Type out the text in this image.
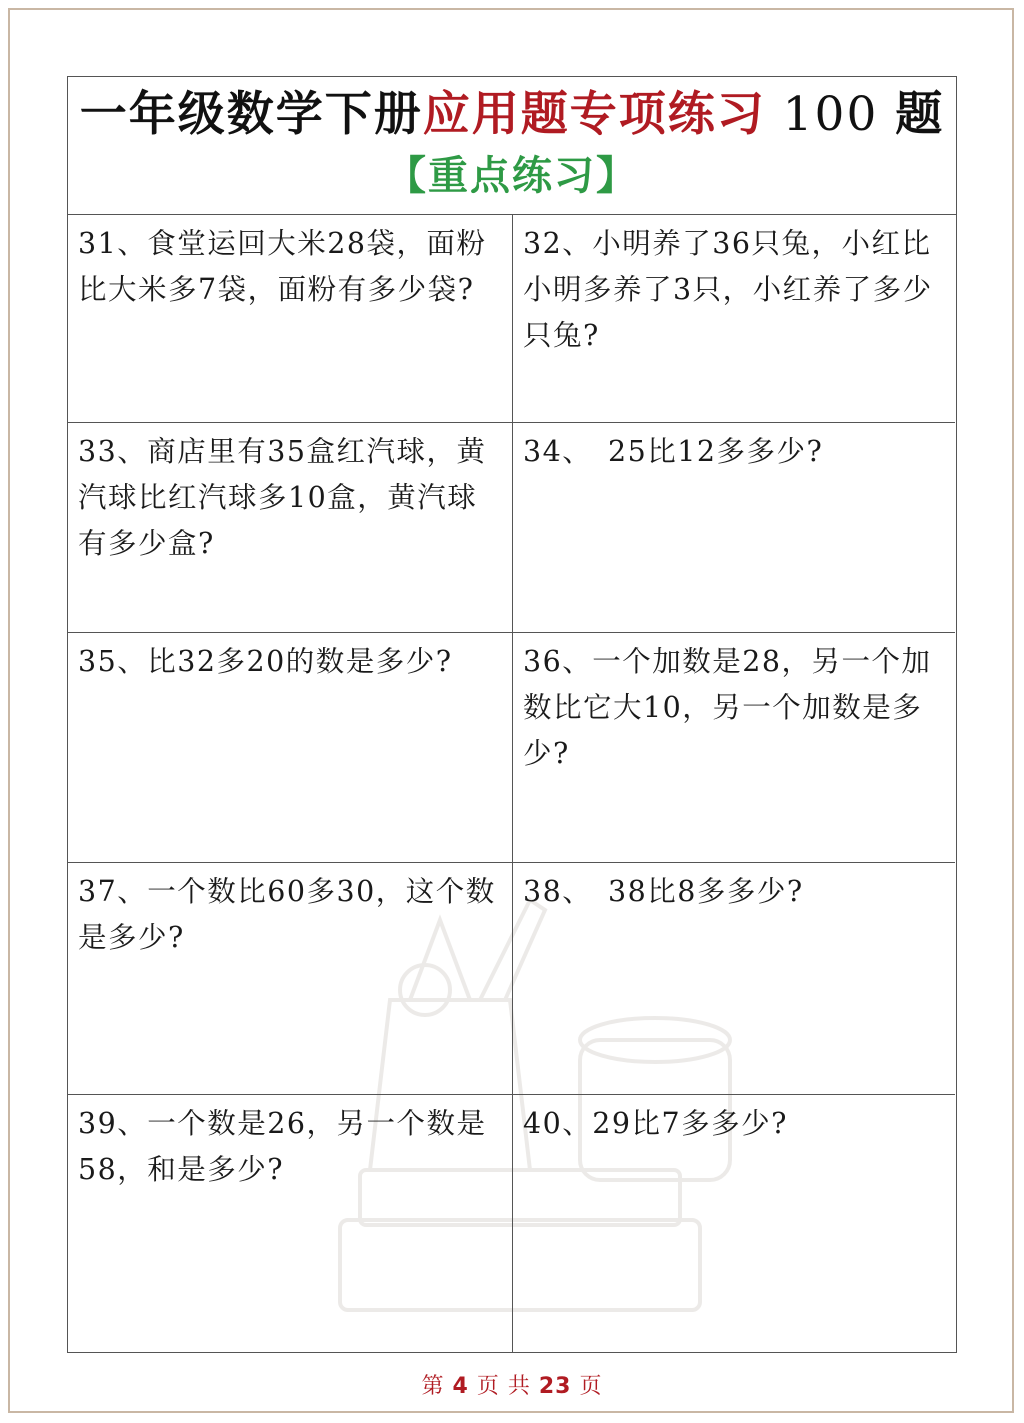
一年级数学下册应用题专项练习 100 题
【重点练习】
31、食堂运回大米28袋，面粉比大米多7袋，面粉有多少袋?
32、小明养了36只兔，小红比小明多养了3只，小红养了多少只兔?
33、商店里有35盒红汽球，黄汽球比红汽球多10盒，黄汽球有多少盒?
34、　25比12多多少?
35、比32多20的数是多少?	36、一个加数是28，另一个加数比它大10，另一个加数是多少?
37、一个数比60多30，这个数是多少?
38、　38比8多多少?
39、一个数是26，另一个数是58，和是多少?
40、29比7多多少?
第 4 页 共 23 页
